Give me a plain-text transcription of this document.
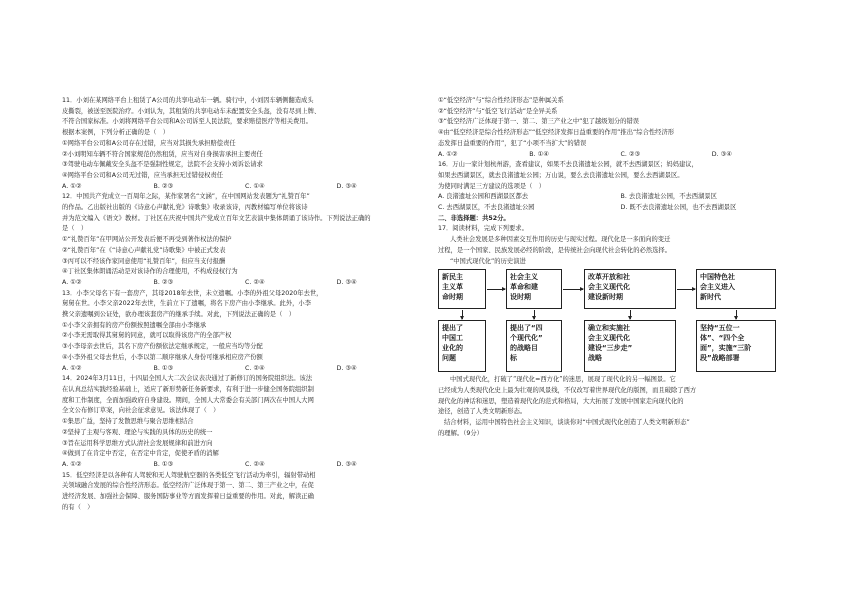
11．小刘在某网络平台上租赁了A公司的共享电动车一辆。骑行中，小刘因车辆侧翻造成头
皮撕裂，被送至医院治疗。小刘认为，其租赁的共享电动车未配置安全头盔，没有尽到上牌、
不符合国家标准。小刘将网络平台公司和A公司诉至人民法院，要求赔偿医疗等相关费用。
根据本案例，下列分析正确的是（　）
①网络平台公司和A公司存在过错，应当对其损失承担赔偿责任
②小刘明知车辆不符合国家规范仍然租赁，应当对自身损害承担主要责任
③驾驶电动车佩戴安全头盔不是强制性规定，法院不会支持小刘诉讼请求
④网络平台公司和A公司无过错，应当承担无过错侵权责任
A. ①②	B. ②③	C. ①④	D. ③④
12．中国共产党成立一百周年之际，某作家署名“文涵”，在中国网站发表题为“礼赞百年”
的作品。乙出版社出版的《诗意心声献礼党》诗歌集》收录该诗，丙教材编写单位将该诗
并为范文编入《语文》教材。丁社区在庆祝中国共产党成立百年文艺表演中集体朗诵了该诗作。下列说法正确的
是（　）
①“礼赞百年”在甲网站公开发表后便不再受到著作权法的保护
②“礼赞百年”在《“诗意心声献礼党”诗歌集》中被正式发表
③丙可以不经该作家同意使用“礼赞百年”，但应当支付报酬
④丁社区集体朗诵活动是对该诗作的合理使用，不构成侵权行为
A. ①②	B. ②③	C. ②④	D. ③④
13．小李父母名下有一套房产，其母2018年去世，未立遗嘱。小李的外祖父母2020年去世，
舅舅在世。小李父亲2022年去世，生前立下了遗嘱，将名下房产由小李继承。此外，小李
携父亲遗嘱到公证处，欲办理该套房产的继承手续。对此，下列说法正确的是（　）
①小李父亲拥有的房产份额按照遗嘱全部由小李继承
②小李无需取得其舅舅的同意，就可以取得该房产的全部产权
③小李母亲去世后，其名下房产份额依法定继承规定，一般应当均等分配
④小李外祖父母去世后，小李以第二顺序继承人身份可继承相应房产份额
A. ①②	B. ①③	C. ②④	D. ③④
14．2024年3月11日，十四届全国人大二次会议表决通过了新修订的国务院组织法。该法
在认真总结实践经验基础上，适应了新形势新任务新要求，有利于进一步健全国务院组织制
度和工作制度，全面加强政府自身建设。期间，全国人大常委会有关部门两次在中国人大网
全文公布修订草案，向社会征求意见。该法体现了（　）
①集思广益，坚持了发散思维与聚合思维相结合
②坚持了主观与客观、理论与实践的具体的历史的统一
③旨在运用科学思维方式认清社会发展规律和前进方向
④做到了在肯定中否定，在否定中肯定，促使矛盾的消解
A. ①②	B. ①③	C. ②④	D. ③④
15．低空经济是以各种有人驾驶和无人驾驶航空器的各类低空飞行活动为牵引，辐射带动相
关领域融合发展的综合性经济形态。低空经济广泛体现于第一、第二、第三产业之中，在促
进经济发展、加强社会保障、服务国防事业等方面发挥着日益重要的作用。对此，解读正确
的有（　）
①“低空经济”与“综合性经济形态”是种属关系
②“低空经济”与“低空飞行活动”是全异关系
③“低空经济广泛体现于第一、第二、第三产业之中”犯了越级划分的错误
④由“低空经济是综合性经济形态”“低空经济发挥日益重要的作用”推出“综合性经济形
态发挥日益重要的作用”，犯了“小项不当扩大”的错误
A. ①②	B. ①④	C. ②③	D. ③④
16．万山一家计划杭州游，查看建议，如果不去良渚遗址公园，就不去西湖景区；妈妈建议，
如果去西湖景区，就去良渚遗址公园；万山说，要么去良渚遗址公园，要么去西湖景区。
为使同时满足三方建议的选项是（　）
A. 良渚遗址公园和西湖景区都去	B. 去良渚遗址公园，不去西湖景区
C. 去西湖景区，不去良渚遗址公园	D. 既不去良渚遗址公园，也不去西湖景区
二、非选择题：共52分。
17．阅读材料，完成下列要求。
人类社会发展是多种因素交互作用的历史与现实过程。现代化是一多面向的变迁
过程，是一个国家、民族发展必经的阶段，是传统社会向现代社会转化的必然选择。
“中国式现代化”的历史演进
新民主
主义革
命时期
社会主义
革命和建
设时期
改革开放和社
会主义现代化
建设新时期
中国特色社
会主义进入
新时代
提出了
中国工
业化的
问题
提出了“四
个现代化”
的战略目
标
确立和实施社
会主义现代化
建设“三步走”
战略
坚持“五位一
体”、“四个全
面”，实施“三阶
段”战略部署
中国式现代化，打破了“现代化=西方化”的迷思，展现了现代化的另一幅图景。它
已经成为人类现代化史上最为壮观的风景线，不仅改写着世界现代化的版图，而且破除了西方
现代化的神话和迷思，塑造着现代化的范式和格局，大大拓展了发展中国家走向现代化的
途径，创造了人类文明新形态。
结合材料，运用中国特色社会主义知识，谈谈你对“中国式现代化创造了人类文明新形态”
的理解。（9分）
